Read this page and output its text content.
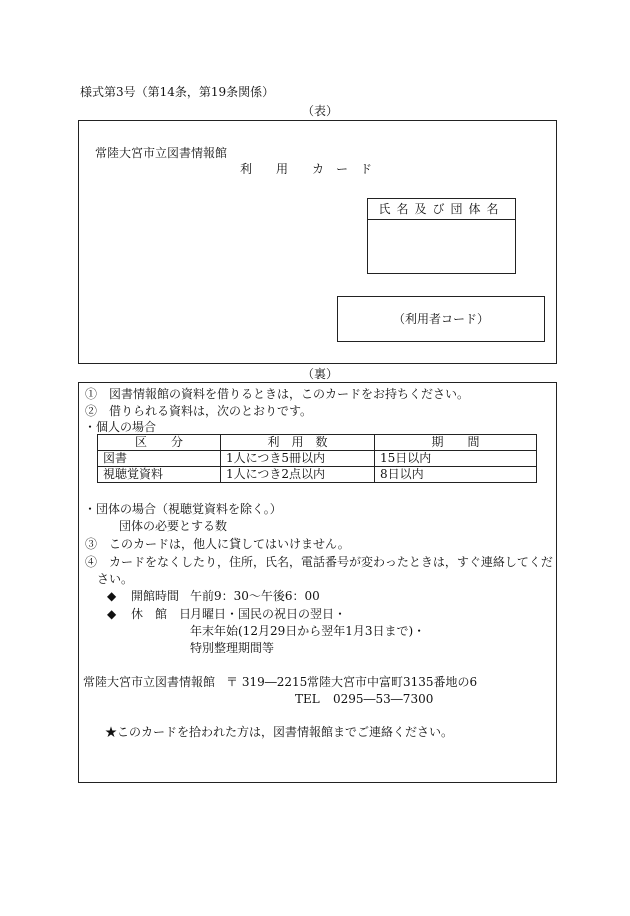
様式第3号（第14条，第19条関係）
（表）
常陸大宮市立図書情報館
利　　用　　カ　ー　ド
氏名及び団体名
（利用者コード）
（裏）
①　図書情報館の資料を借りるときは，このカードをお持ちください。
②　借りられる資料は，次のとおりです。
・個人の場合
区　　分	利　用　数	期　　間
図書	1人につき5冊以内	15日以内
視聴覚資料	1人につき2点以内	8日以内
・団体の場合（視聴覚資料を除く。）
団体の必要とする数
③　このカードは，他人に貸してはいけません。
④　カードをなくしたり，住所，氏名，電話番号が変わったときは，すぐ連絡してくだ
さい。
◆ 開館時間 午前9：30～午後6：00
◆ 休　館　日
月曜日・国民の祝日の翌日・
年末年始(12月29日から翌年1月3日まで)・
特別整理期間等
常陸大宮市立図書情報館 〒 319―2215 常陸大宮市中富町3135番地の6
TEL 0295―53―7300
★このカードを拾われた方は，図書情報館までご連絡ください。
